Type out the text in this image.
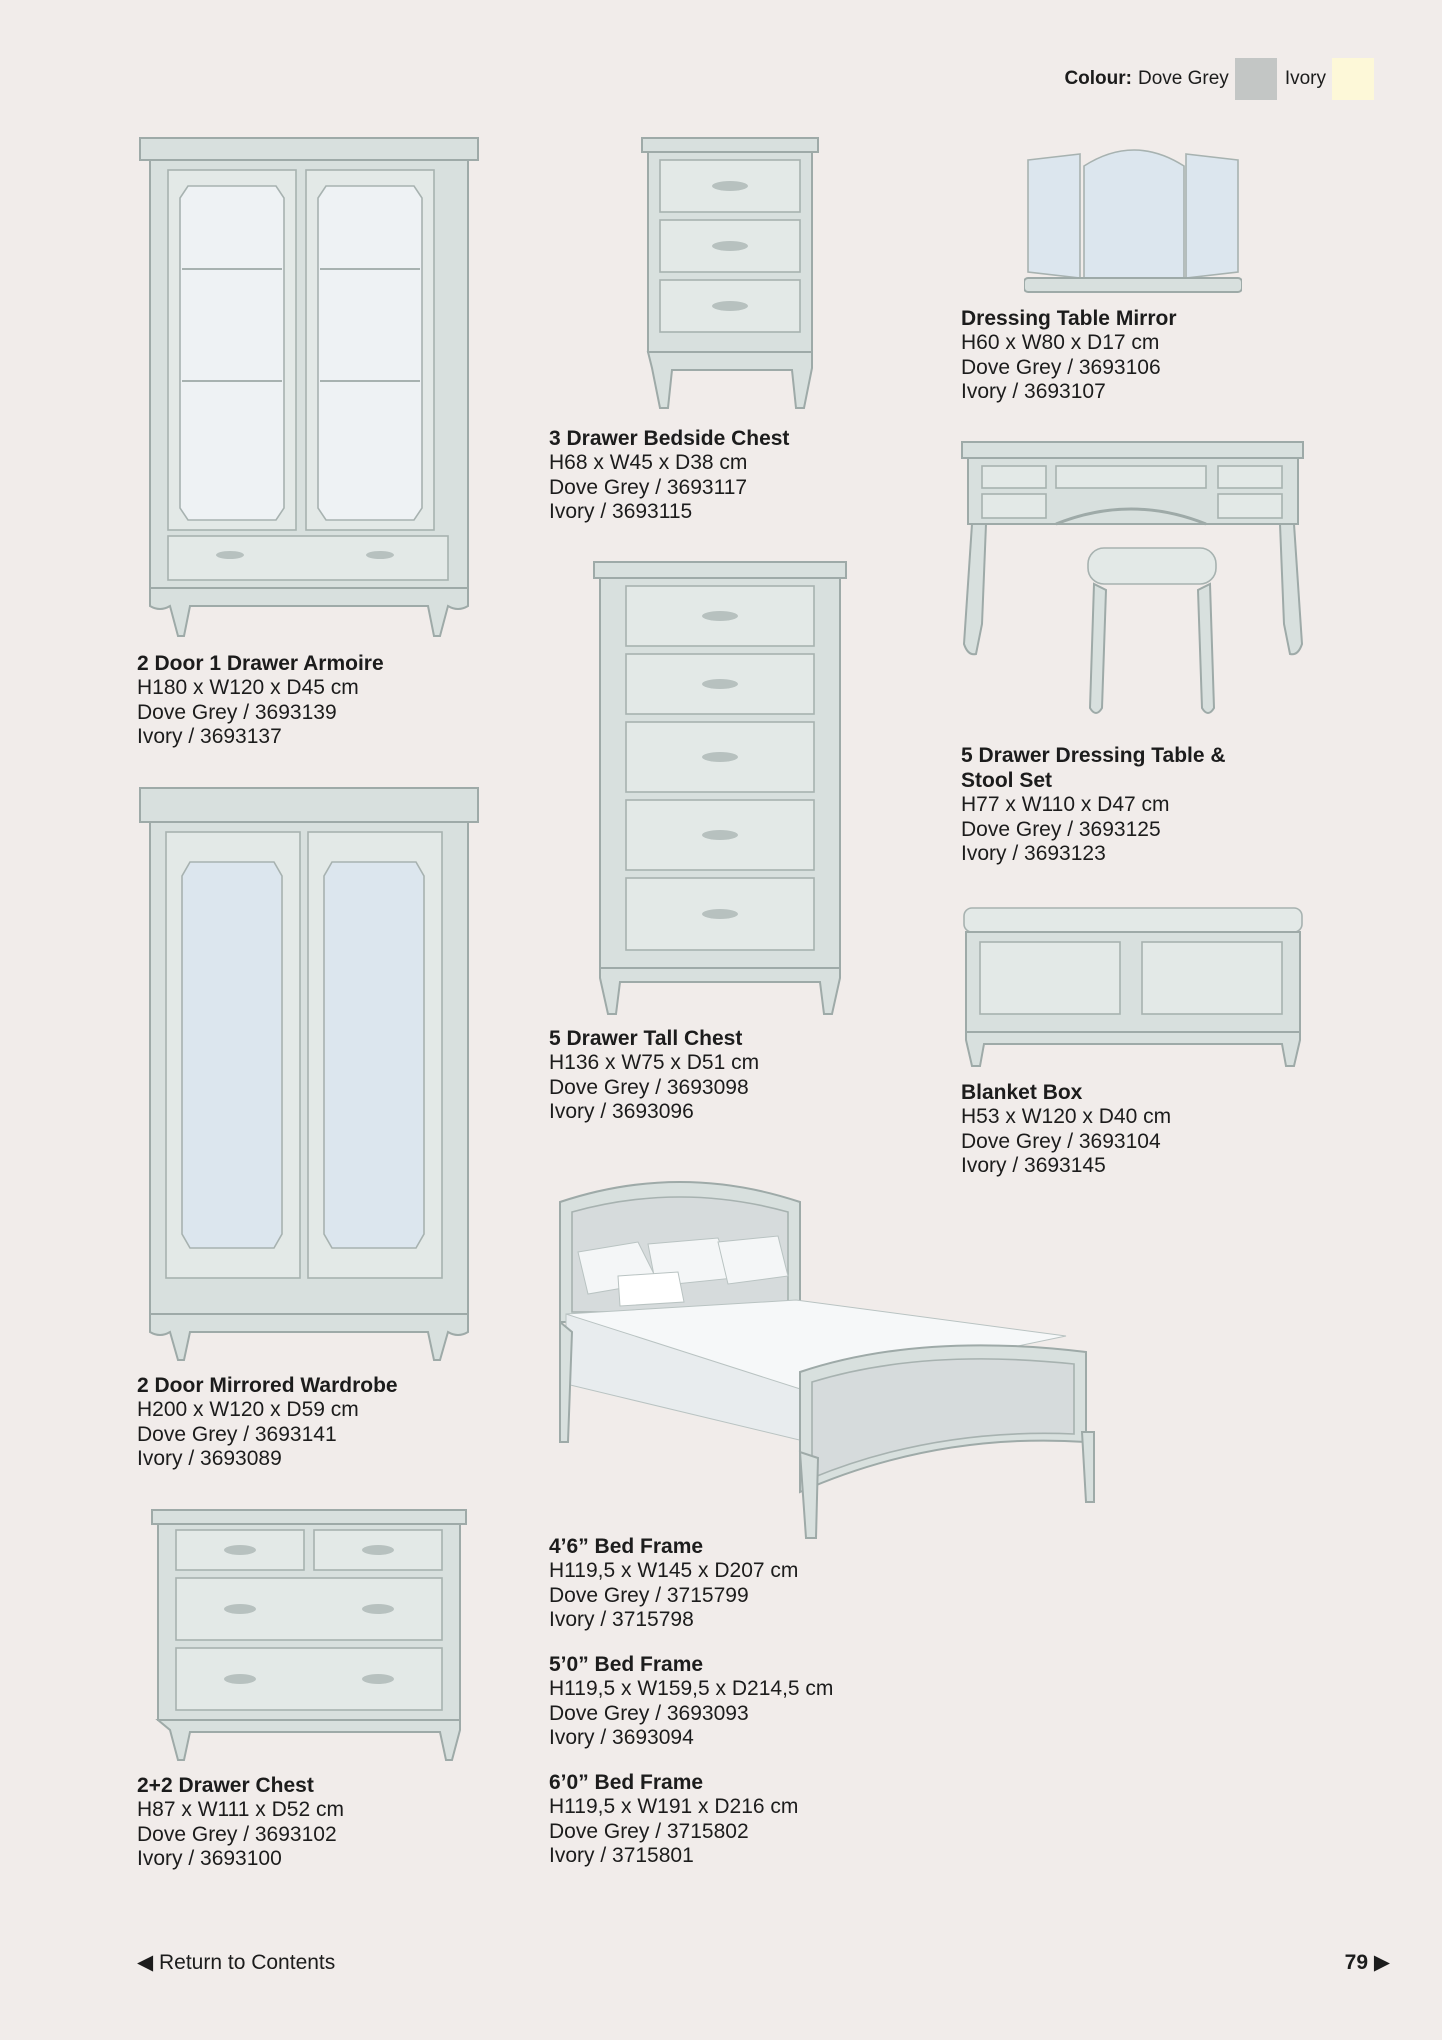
Colour: Dove Grey	Ivory
2 Door 1 Drawer Armoire
H180 x W120 x D45 cm
Dove Grey / 3693139
Ivory / 3693137
3 Drawer Bedside Chest
H68 x W45 x D38 cm
Dove Grey / 3693117
Ivory / 3693115
Dressing Table Mirror
H60 x W80 x D17 cm
Dove Grey / 3693106
Ivory / 3693107
5 Drawer Dressing Table & Stool Set
H77 x W110 x D47 cm
Dove Grey / 3693125
Ivory / 3693123
5 Drawer Tall Chest
H136 x W75 x D51 cm
Dove Grey / 3693098
Ivory / 3693096
Blanket Box
H53 x W120 x D40 cm
Dove Grey / 3693104
Ivory / 3693145
2 Door Mirrored Wardrobe
H200 x W120 x D59 cm
Dove Grey / 3693141
Ivory / 3693089
2+2 Drawer Chest
H87 x W111 x D52 cm
Dove Grey / 3693102
Ivory / 3693100
4’6” Bed Frame
H119,5 x W145 x D207 cm
Dove Grey / 3715799
Ivory / 3715798
5’0” Bed Frame
H119,5 x W159,5 x D214,5 cm
Dove Grey / 3693093
Ivory / 3693094
6’0” Bed Frame
H119,5 x W191 x D216 cm
Dove Grey / 3715802
Ivory / 3715801
◀ Return to Contents	79 ▶
